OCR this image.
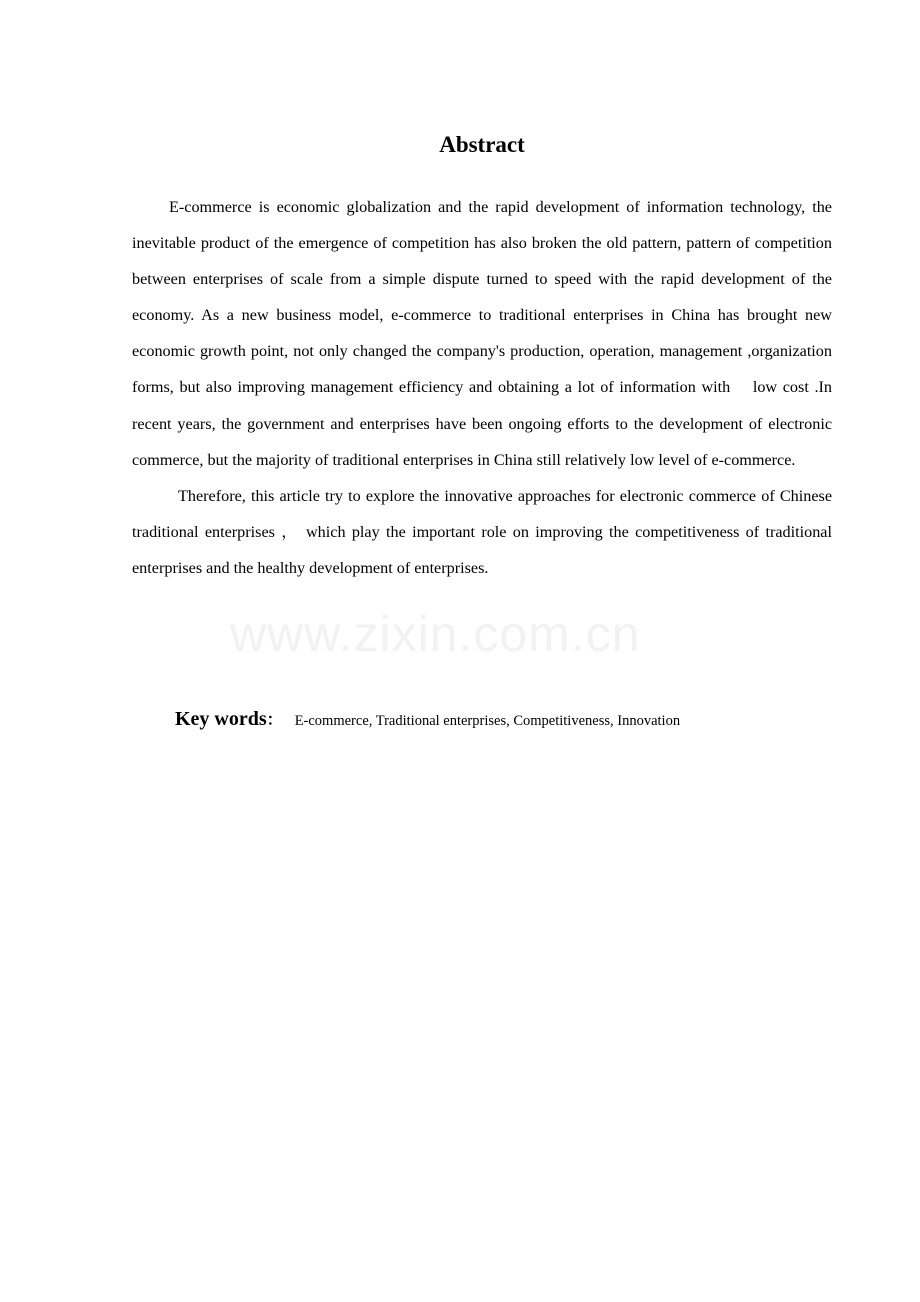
www.zixin.com.cn
Abstract

E-commerce is economic globalization and the rapid development of information technology, the inevitable product of the emergence of competition has also broken the old pattern, pattern of competition between enterprises of scale from a simple dispute turned to speed with the rapid development of the economy. As a new business model, e-commerce to traditional enterprises in China has brought new economic growth point, not only changed the company's production, operation, management ,organization forms, but also improving management efficiency and obtaining a lot of information with    low cost .In recent years, the government and enterprises have been ongoing efforts to the development of electronic commerce, but the majority of traditional enterprises in China still relatively low level of e-commerce.

Therefore, this article try to explore the innovative approaches for electronic commerce of Chinese traditional enterprises ， which play the important role on improving the competitiveness of traditional enterprises and the healthy development of enterprises.

Key words： E-commerce, Traditional enterprises, Competitiveness, Innovation
